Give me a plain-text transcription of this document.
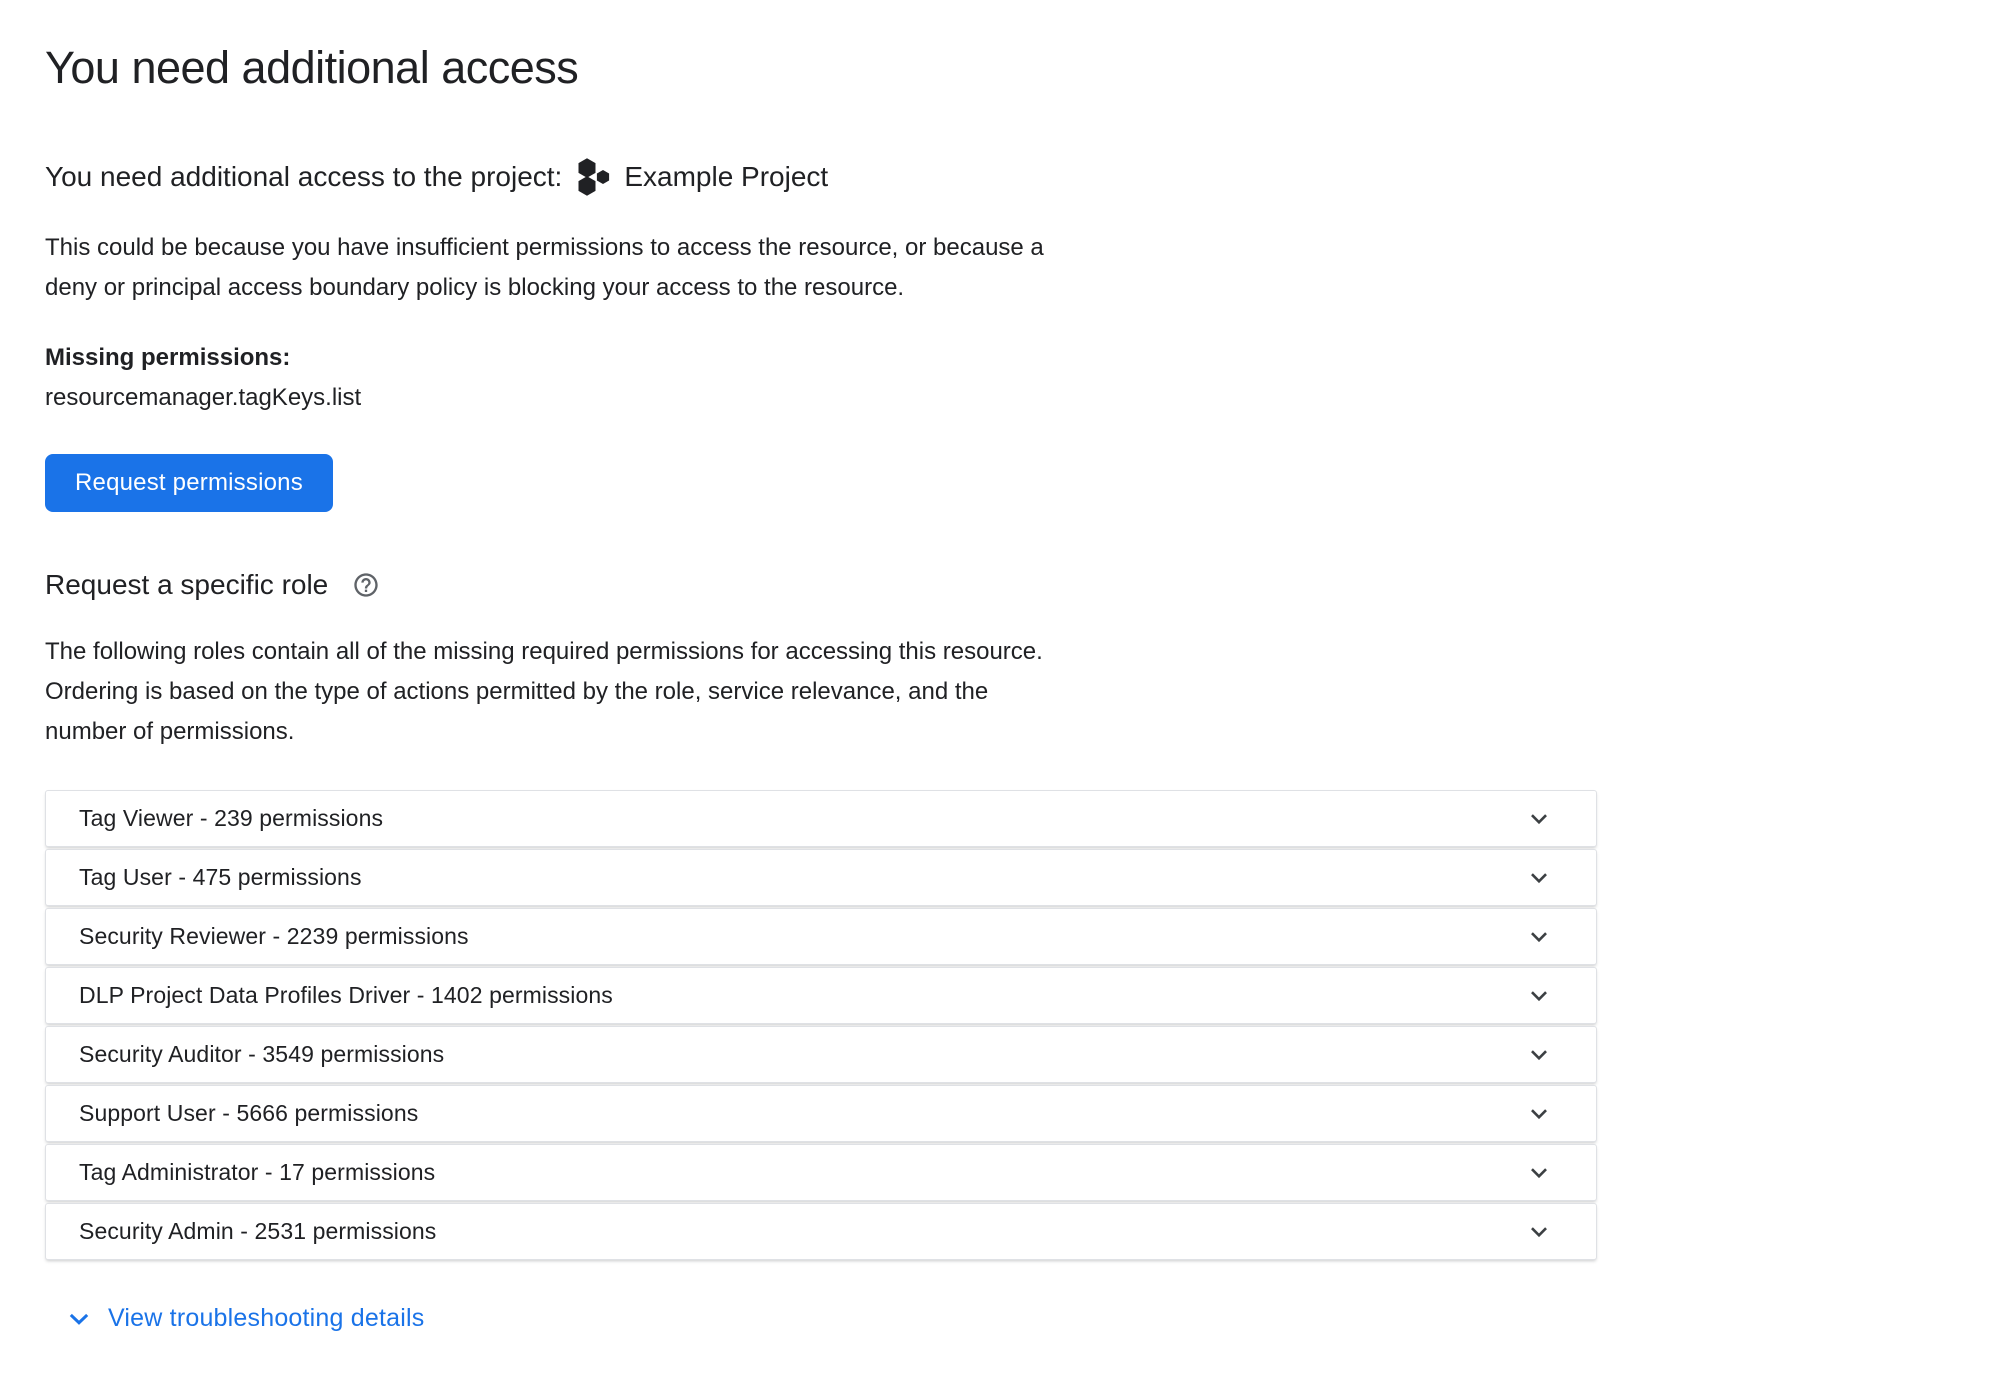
You need additional access
You need additional access to the project: Example Project

This could be because you have insufficient permissions to access the resource, or because a deny or principal access boundary policy is blocking your access to the resource.

Missing permissions:
resourcemanager.tagKeys.list
Request permissions
Request a specific role

The following roles contain all of the missing required permissions for accessing this resource. Ordering is based on the type of actions permitted by the role, service relevance, and the number of permissions.

Tag Viewer - 239 permissions
Tag User - 475 permissions
Security Reviewer - 2239 permissions
DLP Project Data Profiles Driver - 1402 permissions
Security Auditor - 3549 permissions
Support User - 5666 permissions
Tag Administrator - 17 permissions
Security Admin - 2531 permissions
View troubleshooting details
